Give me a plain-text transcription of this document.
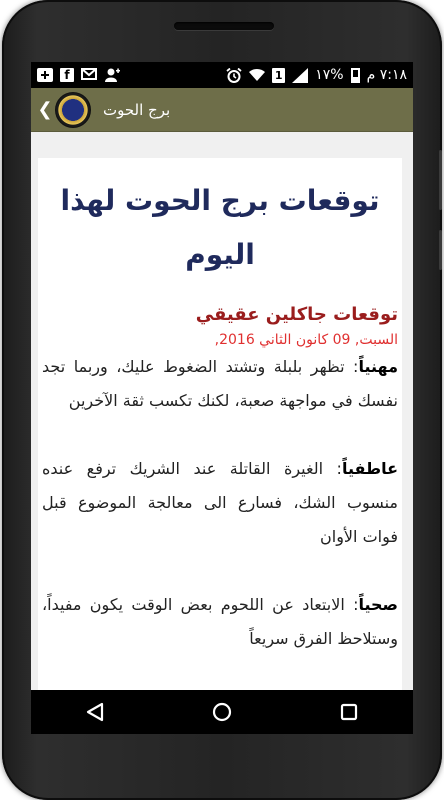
f	1 ١٧% ٧:١٨ م
❮	برج الحوت
توقعات برج الحوت لهذا اليوم

توقعات جاكلين عقيقي

السبت, 09 كانون الثاني 2016,

مهنياً: تظهر بلبلة وتشتد الضغوط عليك، وربما تجد نفسك في مواجهة صعبة، لكنك تكسب ثقة الآخرين

عاطفياً: الغيرة القاتلة عند الشريك ترفع عنده منسوب الشك، فسارع الى معالجة الموضوع قبل فوات الأوان

صحياً: الابتعاد عن اللحوم بعض الوقت يكون مفيداً، وستلاحظ الفرق سريعاً
